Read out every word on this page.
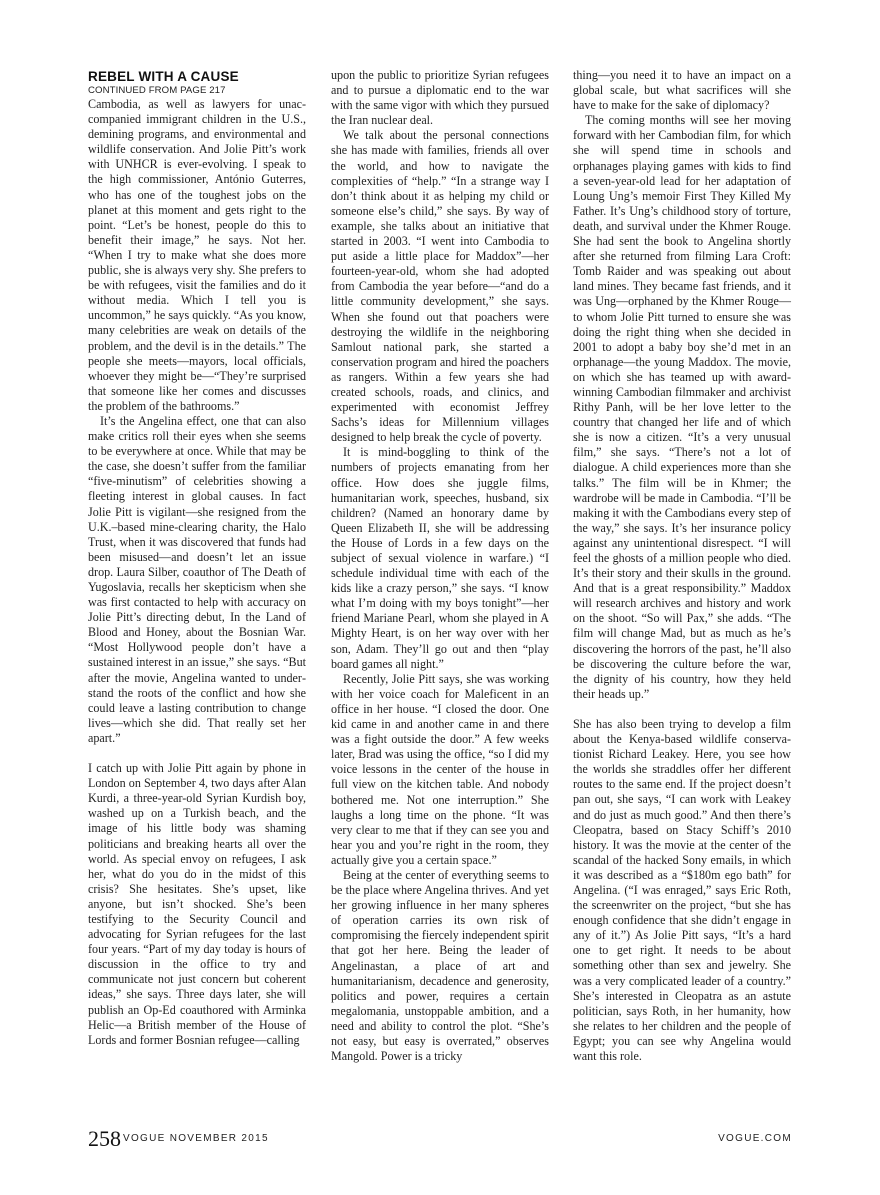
REBEL WITH A CAUSE
CONTINUED FROM PAGE 217

Cambodia, as well as lawyers for unaccompanied immigrant children in the U.S., demining programs, and environmental and wildlife conservation. And Jolie Pitt’s work with UNHCR is ever-evolving. I speak to the high commissioner, António Guterres, who has one of the toughest jobs on the planet at this moment and gets right to the point. “Let’s be honest, people do this to benefit their image,” he says. Not her. “When I try to make what she does more public, she is always very shy. She prefers to be with refugees, visit the families and do it without media. Which I tell you is uncommon,” he says quickly. “As you know, many celebrities are weak on details of the problem, and the devil is in the details.” The people she meets—mayors, local officials, whoever they might be—“They’re surprised that someone like her comes and discusses the problem of the bathrooms.”

It’s the Angelina effect, one that can also make critics roll their eyes when she seems to be everywhere at once. While that may be the case, she doesn’t suffer from the familiar “five-minutism” of celebrities showing a fleeting interest in global causes. In fact Jolie Pitt is vigilant—she resigned from the U.K.–based mine-clearing charity, the Halo Trust, when it was discovered that funds had been misused—and doesn’t let an issue drop. Laura Silber, coauthor of The Death of Yugoslavia, recalls her skepticism when she was first contacted to help with accuracy on Jolie Pitt’s directing debut, In the Land of Blood and Honey, about the Bosnian War. “Most Hollywood people don’t have a sustained interest in an issue,” she says. “But after the movie, Angelina wanted to understand the roots of the conflict and how she could leave a lasting contribution to change lives—which she did. That really set her apart.”

I catch up with Jolie Pitt again by phone in London on September 4, two days after Alan Kurdi, a three-year-old Syrian Kurdish boy, washed up on a Turkish beach, and the image of his little body was shaming politicians and breaking hearts all over the world. As special envoy on refugees, I ask her, what do you do in the midst of this crisis? She hesitates. She’s upset, like anyone, but isn’t shocked. She’s been testifying to the Security Council and advocating for Syrian refugees for the last four years. “Part of my day today is hours of discussion in the office to try and communicate not just concern but coherent ideas,” she says. Three days later, she will publish an Op-Ed coauthored with Arminka Helic—a British member of the House of Lords and former Bosnian refugee—calling

upon the public to prioritize Syrian refugees and to pursue a diplomatic end to the war with the same vigor with which they pursued the Iran nuclear deal.

We talk about the personal connections she has made with families, friends all over the world, and how to navigate the complexities of “help.” “In a strange way I don’t think about it as helping my child or someone else’s child,” she says. By way of example, she talks about an initiative that started in 2003. “I went into Cambodia to put aside a little place for Maddox”—her fourteen-year-old, whom she had adopted from Cambodia the year before—“and do a little community development,” she says. When she found out that poachers were destroying the wildlife in the neighboring Samlout national park, she started a conservation program and hired the poachers as rangers. Within a few years she had created schools, roads, and clinics, and experimented with economist Jeffrey Sachs’s ideas for Millennium villages designed to help break the cycle of poverty.

It is mind-boggling to think of the numbers of projects emanating from her office. How does she juggle films, humanitarian work, speeches, husband, six children? (Named an honorary dame by Queen Elizabeth II, she will be addressing the House of Lords in a few days on the subject of sexual violence in warfare.) “I schedule individual time with each of the kids like a crazy person,” she says. “I know what I’m doing with my boys tonight”—her friend Mariane Pearl, whom she played in A Mighty Heart, is on her way over with her son, Adam. They’ll go out and then “play board games all night.”

Recently, Jolie Pitt says, she was working with her voice coach for Maleficent in an office in her house. “I closed the door. One kid came in and another came in and there was a fight outside the door.” A few weeks later, Brad was using the office, “so I did my voice lessons in the center of the house in full view on the kitchen table. And nobody bothered me. Not one interruption.” She laughs a long time on the phone. “It was very clear to me that if they can see you and hear you and you’re right in the room, they actually give you a certain space.”

Being at the center of everything seems to be the place where Angelina thrives. And yet her growing influence in her many spheres of operation carries its own risk of compromising the fiercely independent spirit that got her here. Being the leader of Angelinastan, a place of art and humanitarianism, decadence and generosity, politics and power, requires a certain megalomania, unstoppable ambition, and a need and ability to control the plot. “She’s not easy, but easy is overrated,” observes Mangold. Power is a tricky

thing—you need it to have an impact on a global scale, but what sacrifices will she have to make for the sake of diplomacy?

The coming months will see her moving forward with her Cambodian film, for which she will spend time in schools and orphanages playing games with kids to find a seven-year-old lead for her adaptation of Loung Ung’s memoir First They Killed My Father. It’s Ung’s childhood story of torture, death, and survival under the Khmer Rouge. She had sent the book to Angelina shortly after she returned from filming Lara Croft: Tomb Raider and was speaking out about land mines. They became fast friends, and it was Ung—orphaned by the Khmer Rouge—to whom Jolie Pitt turned to ensure she was doing the right thing when she decided in 2001 to adopt a baby boy she’d met in an orphanage—the young Maddox. The movie, on which she has teamed up with award-winning Cambodian filmmaker and archivist Rithy Panh, will be her love letter to the country that changed her life and of which she is now a citizen. “It’s a very unusual film,” she says. “There’s not a lot of dialogue. A child experiences more than she talks.” The film will be in Khmer; the wardrobe will be made in Cambodia. “I’ll be making it with the Cambodians every step of the way,” she says. It’s her insurance policy against any unintentional disrespect. “I will feel the ghosts of a million people who died. It’s their story and their skulls in the ground. And that is a great responsibility.” Maddox will research archives and history and work on the shoot. “So will Pax,” she adds. “The film will change Mad, but as much as he’s discovering the horrors of the past, he’ll also be discovering the culture before the war, the dignity of his country, how they held their heads up.”

She has also been trying to develop a film about the Kenya-based wildlife conservationist Richard Leakey. Here, you see how the worlds she straddles offer her different routes to the same end. If the project doesn’t pan out, she says, “I can work with Leakey and do just as much good.” And then there’s Cleopatra, based on Stacy Schiff’s 2010 history. It was the movie at the center of the scandal of the hacked Sony emails, in which it was described as a “$180m ego bath” for Angelina. (“I was enraged,” says Eric Roth, the screenwriter on the project, “but she has enough confidence that she didn’t engage in any of it.”) As Jolie Pitt says, “It’s a hard one to get right. It needs to be about something other than sex and jewelry. She was a very complicated leader of a country.” She’s interested in Cleopatra as an astute politician, says Roth, in her humanity, how she relates to her children and the people of Egypt; you can see why Angelina would want this role.

258 VOGUE NOVEMBER 2015	VOGUE.COM
